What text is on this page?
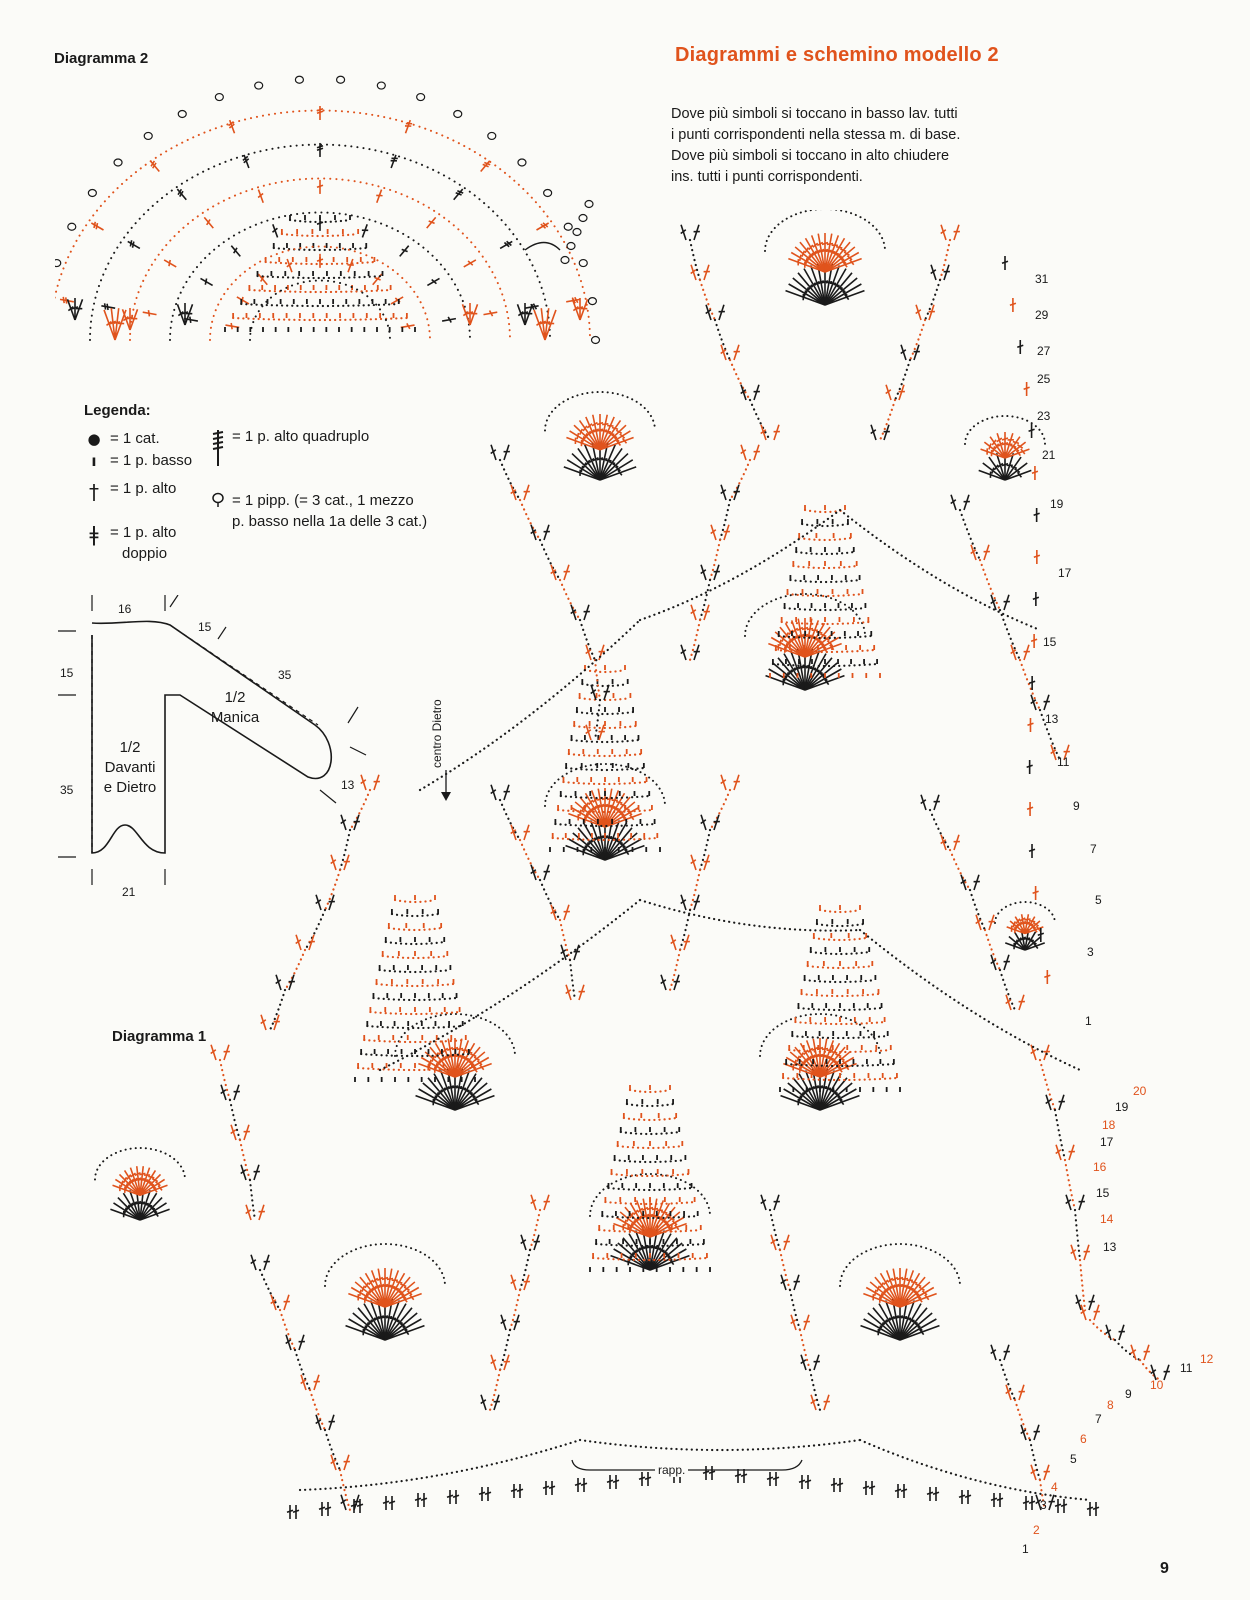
Diagrammi e schemino modello 2
Dove più simboli si toccano in basso lav. tutti
i punti corrispondenti nella stessa m. di base.
Dove più simboli si toccano in alto chiudere
ins. tutti i punti corrispondenti.
Diagramma 2
Diagramma 1
Legenda:
● = 1 cat.
ı = 1 p. basso
† = 1 p. alto
ǂ = 1 p. alto
doppio
= 1 p. alto quadruplo
= 1 pipp. (= 3 cat., 1 mezzo
p. basso nella 1a delle 3 cat.)
16
15
15	35
35	13
21
1/2
Manica
1/2
Davanti
e Dietro
centro Dietro
rapp.
31
29
27
25
23
21
19
17
15
13
11
9
7
5
3
1
19
17
15
13
11
9
7
5
3
1
20
18
16
14
12
10
8
6
4
2
9
